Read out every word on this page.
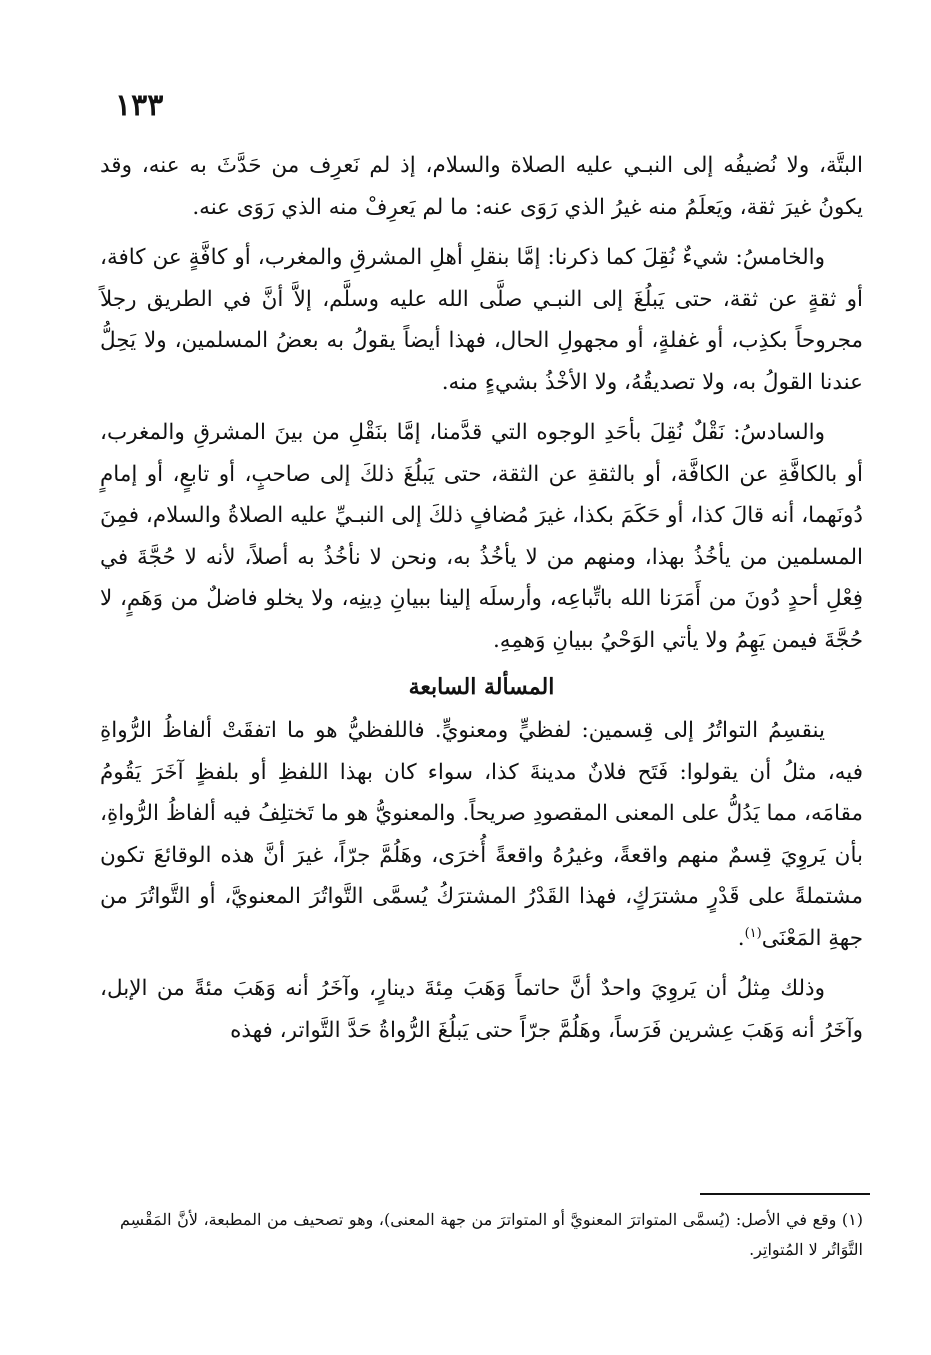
١٣٣

البتَّة، ولا نُضيفُه إلى النبـي عليه الصلاة والسلام، إذ لم نَعرِف من حَدَّثَ به عنه، وقد يكونُ غيرَ ثقة، ويَعلَمُ منه غيرُ الذي رَوَى عنه: ما لم يَعرِفْ منه الذي رَوَى عنه.

والخامسُ: شيءٌ نُقِلَ كما ذكرنا: إمَّا بنقلِ أهلِ المشرقِ والمغرب، أو كافَّةٍ عن كافة، أو ثقةٍ عن ثقة، حتى يَبلُغَ إلى النبـي صلَّى الله عليه وسلَّم، إلاَّ أنَّ في الطريق رجلاً مجروحاً بكذِب، أو غفلةٍ، أو مجهولِ الحال، فهذا أيضاً يقولُ به بعضُ المسلمين، ولا يَحِلُّ عندنا القولُ به، ولا تصديقُهُ، ولا الأخْذُ بشيءٍ منه.

والسادسُ: نَقْلٌ نُقِلَ بأحَدِ الوجوه التي قدَّمنا، إمَّا بنَقْلِ من بينَ المشرقِ والمغرب، أو بالكافَّةِ عن الكافَّة، أو بالثقةِ عن الثقة، حتى يَبلُغَ ذلكَ إلى صاحبٍ، أو تابعٍ، أو إمامٍ دُونَهما، أنه قالَ كذا، أو حَكَمَ بكذا، غيرَ مُضافٍ ذلكَ إلى النبـيِّ عليه الصلاةُ والسلام، فمِنَ المسلمين من يأخُذُ بهذا، ومنهم من لا يأخُذُ به، ونحن لا نأخُذُ به أصلاً، لأنه لا حُجَّةَ في فِعْلِ أحدٍ دُونَ من أَمَرَنا الله باتِّباعِه، وأرسلَه إلينا ببيانِ دِينِه، ولا يخلو فاضلٌ من وَهَمٍ، لا حُجَّةَ فيمن يَهِمُ ولا يأتي الوَحْيُ ببيانِ وَهمِهِ.

المسألة السابعة

ينقسِمُ التواتُرُ إلى قِسمين: لفظيٍّ ومعنويٍّ. فاللفظيُّ هو ما اتفقَتْ ألفاظُ الرُّواةِ فيه، مثلُ أن يقولوا: فَتَح فلانٌ مدينةَ كذا، سواء كان بهذا اللفظِ أو بلفظٍ آخَرَ يَقُومُ مقامَه، مما يَدُلُّ على المعنى المقصودِ صريحاً. والمعنويُّ هو ما تَختلِفُ فيه ألفاظُ الرُّواةِ، بأن يَروِيَ قِسمٌ منهم واقعةً، وغيرُهُ واقعةً أُخرَى، وهَلُمَّ جرّاً، غيرَ أنَّ هذه الوقائعَ تكون مشتملةً على قَدْرٍ مشترَكٍ، فهذا القَدْرُ المشترَكُ يُسمَّى التَّواتُرَ المعنويَّ، أو التَّواتُرَ من جهةِ المَعْنَى$^{(١)}$.

وذلك مِثلُ أن يَروِيَ واحدٌ أنَّ حاتماً وَهَبَ مِئةَ دينارٍ، وآخَرُ أنه وَهَبَ مئةً من الإبل، وآخَرُ أنه وَهَبَ عِشرين فَرَساً، وهَلُمَّ جرّاً حتى يَبلُغَ الرُّواةُ حَدَّ التَّواتر، فهذه

(١) وقع في الأصل: (يُسمَّى المتواترَ المعنويَّ أو المتواترَ من جهة المعنى)، وهو تصحيف من المطبعة، لأنَّ المَقْسِم التَّوَاتُر لا المُتواتِر.
